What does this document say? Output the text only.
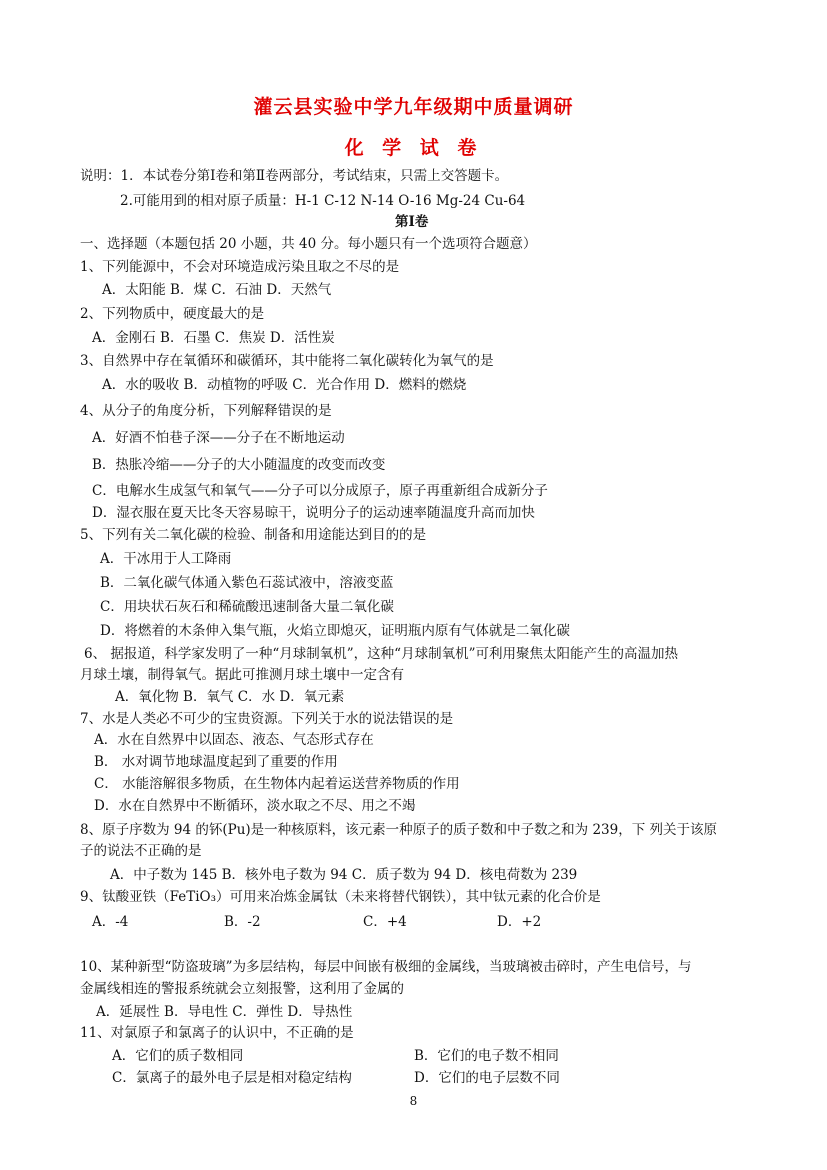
灌云县实验中学九年级期中质量调研
化 学 试 卷
说明：1．本试卷分第Ⅰ卷和第Ⅱ卷两部分，考试结束，只需上交答题卡。
2.可能用到的相对原子质量：H-1 C-12 N-14 O-16 Mg-24 Cu-64
第Ⅰ卷
一、选择题（本题包括 20 小题，共 40 分。每小题只有一个选项符合题意）
1、下列能源中，不会对环境造成污染且取之不尽的是
A．太阳能 B．煤 C．石油 D．天然气
2、下列物质中，硬度最大的是
A．金刚石 B．石墨 C．焦炭 D．活性炭
3、自然界中存在氧循环和碳循环，其中能将二氧化碳转化为氧气的是
A．水的吸收 B．动植物的呼吸 C．光合作用 D．燃料的燃烧
4、从分子的角度分析，下列解释错误的是
A．好酒不怕巷子深——分子在不断地运动
B．热胀冷缩——分子的大小随温度的改变而改变
C．电解水生成氢气和氧气——分子可以分成原子，原子再重新组合成新分子
D．湿衣服在夏天比冬天容易晾干，说明分子的运动速率随温度升高而加快
5、下列有关二氧化碳的检验、制备和用途能达到目的的是
A．干冰用于人工降雨
B．二氧化碳气体通入紫色石蕊试液中，溶液变蓝
C．用块状石灰石和稀硫酸迅速制备大量二氧化碳
D．将燃着的木条伸入集气瓶，火焰立即熄灭，证明瓶内原有气体就是二氧化碳
6、 据报道，科学家发明了一种“月球制氧机”，这种“月球制氧机”可利用聚焦太阳能产生的高温加热
月球土壤，制得氧气。据此可推测月球土壤中一定含有
A．氧化物 B．氧气 C．水 D．氧元素
7、水是人类必不可少的宝贵资源。下列关于水的说法错误的是
A．水在自然界中以固态、液态、气态形式存在
B． 水对调节地球温度起到了重要的作用
C． 水能溶解很多物质，在生物体内起着运送营养物质的作用
D．水在自然界中不断循环，淡水取之不尽、用之不竭
8、原子序数为 94 的钚(Pu)是一种核原料，该元素一种原子的质子数和中子数之和为 239，下 列关于该原
子的说法不正确的是
A．中子数为 145 B．核外电子数为 94 C．质子数为 94 D．核电荷数为 239
9、钛酸亚铁（FeTiO₃）可用来冶炼金属钛（未来将替代钢铁），其中钛元素的化合价是
A．-4	B．-2	C．+4	D．+2
10、某种新型“防盗玻璃”为多层结构，每层中间嵌有极细的金属线，当玻璃被击碎时，产生电信号，与
金属线相连的警报系统就会立刻报警，这利用了金属的
A．延展性 B．导电性 C．弹性 D．导热性
11、对氯原子和氯离子的认识中，不正确的是
A．它们的质子数相同	B．它们的电子数不相同
C．氯离子的最外电子层是相对稳定结构	D．它们的电子层数不同
8
